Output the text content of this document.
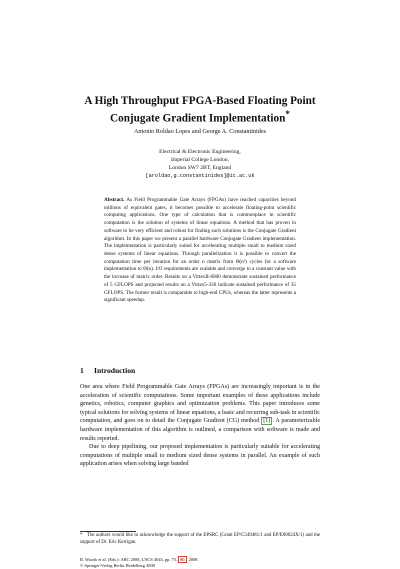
A High Throughput FPGA-Based Floating Point
Conjugate Gradient Implementation*
Antonio Roldao Lopes and George A. Constantinides
Electrical & Electronic Engineering,
Imperial College London,
London SW7 2BT, England
[aroldao,g.constantinides]@ic.ac.uk
Abstract. As Field Programmable Gate Arrays (FPGAs) have reached capacities beyond millions of equivalent gates, it becomes possible to accelerate floating-point scientific computing applications. One type of calculation that is commonplace in scientific computation is the solution of systems of linear equations. A method that has proven in software to be very efficient and robust for finding such solutions is the Conjugate Gradient algorithm. In this paper we present a parallel hardware Conjugate Gradient implementation. The implementation is particularly suited for accelerating multiple small to medium sized dense systems of linear equations. Through parallelization it is possible to convert the computation time per iteration for an order n matrix from Θ(n²) cycles for a software implementation to Θ(n). I/O requirements are scalable and converge to a constant value with the increase of matrix order. Results on a VirtexII-6000 demonstrate sustained performance of 5 GFLOPS and projected results on a Virtex5-330 indicate sustained performance of 35 GFLOPS. The former result is comparable to high-end CPUs, whereas the latter represents a significant speedup.
1 Introduction

One area where Field Programmable Gate Arrays (FPGAs) are increasingly important is in the acceleration of scientific computations. Some important examples of these applications include genetics, robotics, computer graphics and optimization problems. This paper introduces some typical solutions for solving systems of linear equations, a basic and recurring sub-task in scientific computation, and goes on to detail the Conjugate Gradient (CG) method [1] . A parameterizable hardware implementation of this algorithm is outlined, a comparison with software is made and results reported.

Due to deep pipelining, our proposed implementation is particularly suitable for accelerating computations of multiple small to medium sized dense systems in parallel. An example of such application arises when solving large banded

* The authors would like to acknowledge the support of the EPSRC (Grant EP/C549481/1 and EP/E00024X/1) and the support of Dr. Eric Kerrigan.
R. Woods et al. (Eds.): ARC 2008, LNCS 4943, pp. 75– 86 , 2008.
© Springer-Verlag Berlin Heidelberg 2008
